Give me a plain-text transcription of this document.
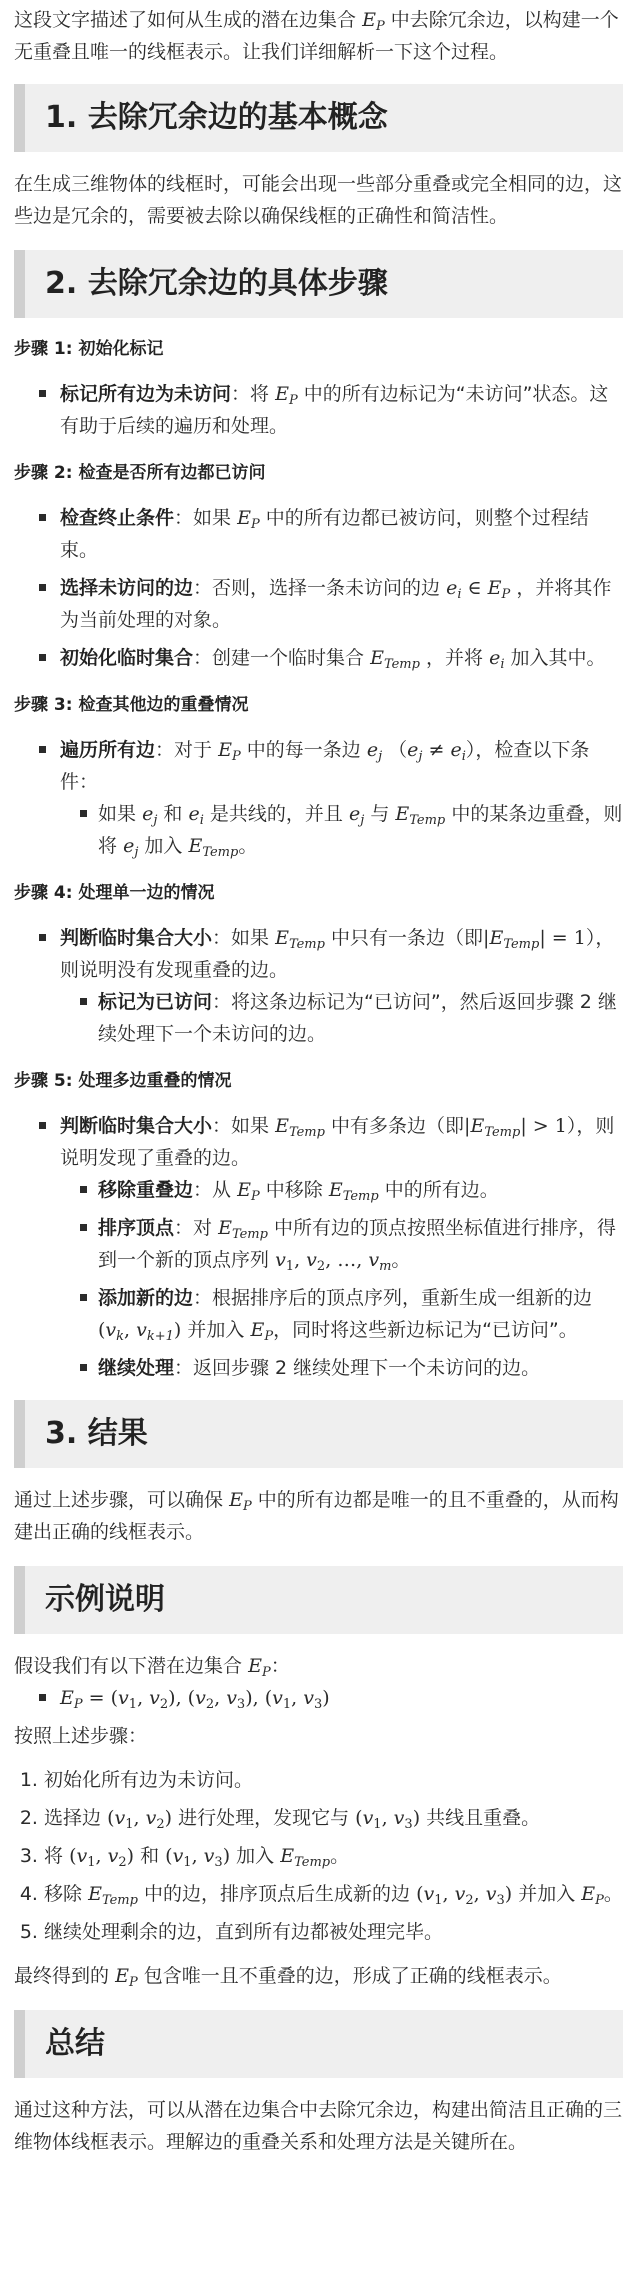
这段文字描述了如何从生成的潜在边集合 $E_P$ 中去除冗余边，以构建一个无重叠且唯一的线框表示。让我们详细解析一下这个过程。

1. 去除冗余边的基本概念

在生成三维物体的线框时，可能会出现一些部分重叠或完全相同的边，这些边是冗余的，需要被去除以确保线框的正确性和简洁性。

2. 去除冗余边的具体步骤
步骤 1: 初始化标记
标记所有边为未访问：将 $E_P$ 中的所有边标记为“未访问”状态。这有助于后续的遍历和处理。
步骤 2: 检查是否所有边都已访问
检查终止条件：如果 $E_P$ 中的所有边都已被访问，则整个过程结束。
选择未访问的边：否则，选择一条未访问的边 $e_i$ ∈ $E_P$ ，并将其作为当前处理的对象。
初始化临时集合：创建一个临时集合 $E_{Temp}$ ，并将 $e_i$ 加入其中。
步骤 3: 检查其他边的重叠情况
遍历所有边：对于 $E_P$ 中的每一条边 $e_j$ $(e_j \ne e_i)$，检查以下条件：
如果 $e_j$ 和 $e_i$ 是共线的，并且 $e_j$ 与 $E_{Temp}$ 中的某条边重叠，则将 $e_j$ 加入 $E_{Temp}$。
步骤 4: 处理单一边的情况
判断临时集合大小：如果 $E_{Temp}$ 中只有一条边（即$|E_{Temp}| = 1$），则说明没有发现重叠的边。
标记为已访问：将这条边标记为“已访问”，然后返回步骤 2 继续处理下一个未访问的边。
步骤 5: 处理多边重叠的情况
判断临时集合大小：如果 $E_{Temp}$ 中有多条边（即$|E_{Temp}| > 1$），则说明发现了重叠的边。
移除重叠边：从 $E_P$ 中移除 $E_{Temp}$ 中的所有边。
排序顶点：对 $E_{Temp}$ 中所有边的顶点按照坐标值进行排序，得到一个新的顶点序列 $v_1$, $v_2$, …, $v_m$。
添加新的边：根据排序后的顶点序列，重新生成一组新的边 ($v_k$, $v_{k+1}$) 并加入 $E_P$，同时将这些新边标记为“已访问”。
继续处理：返回步骤 2 继续处理下一个未访问的边。
3. 结果

通过上述步骤，可以确保 $E_P$ 中的所有边都是唯一的且不重叠的，从而构建出正确的线框表示。

示例说明

假设我们有以下潜在边集合 $E_P$：

$E_P = (v_1$, $v_2$), ($v_2$, $v_3$), ($v_1$, $v_3$)

按照上述步骤：

1. 初始化所有边为未访问。
2. 选择边 ($v_1$, $v_2$) 进行处理，发现它与 ($v_1$, $v_3$) 共线且重叠。
3. 将 ($v_1$, $v_2$) 和 ($v_1$, $v_3$) 加入 $E_{Temp}$。
4. 移除 $E_{Temp}$ 中的边，排序顶点后生成新的边 ($v_1$, $v_2$, $v_3$) 并加入 $E_P$。
5. 继续处理剩余的边，直到所有边都被处理完毕。

最终得到的 $E_P$ 包含唯一且不重叠的边，形成了正确的线框表示。

总结

通过这种方法，可以从潜在边集合中去除冗余边，构建出简洁且正确的三维物体线框表示。理解边的重叠关系和处理方法是关键所在。
